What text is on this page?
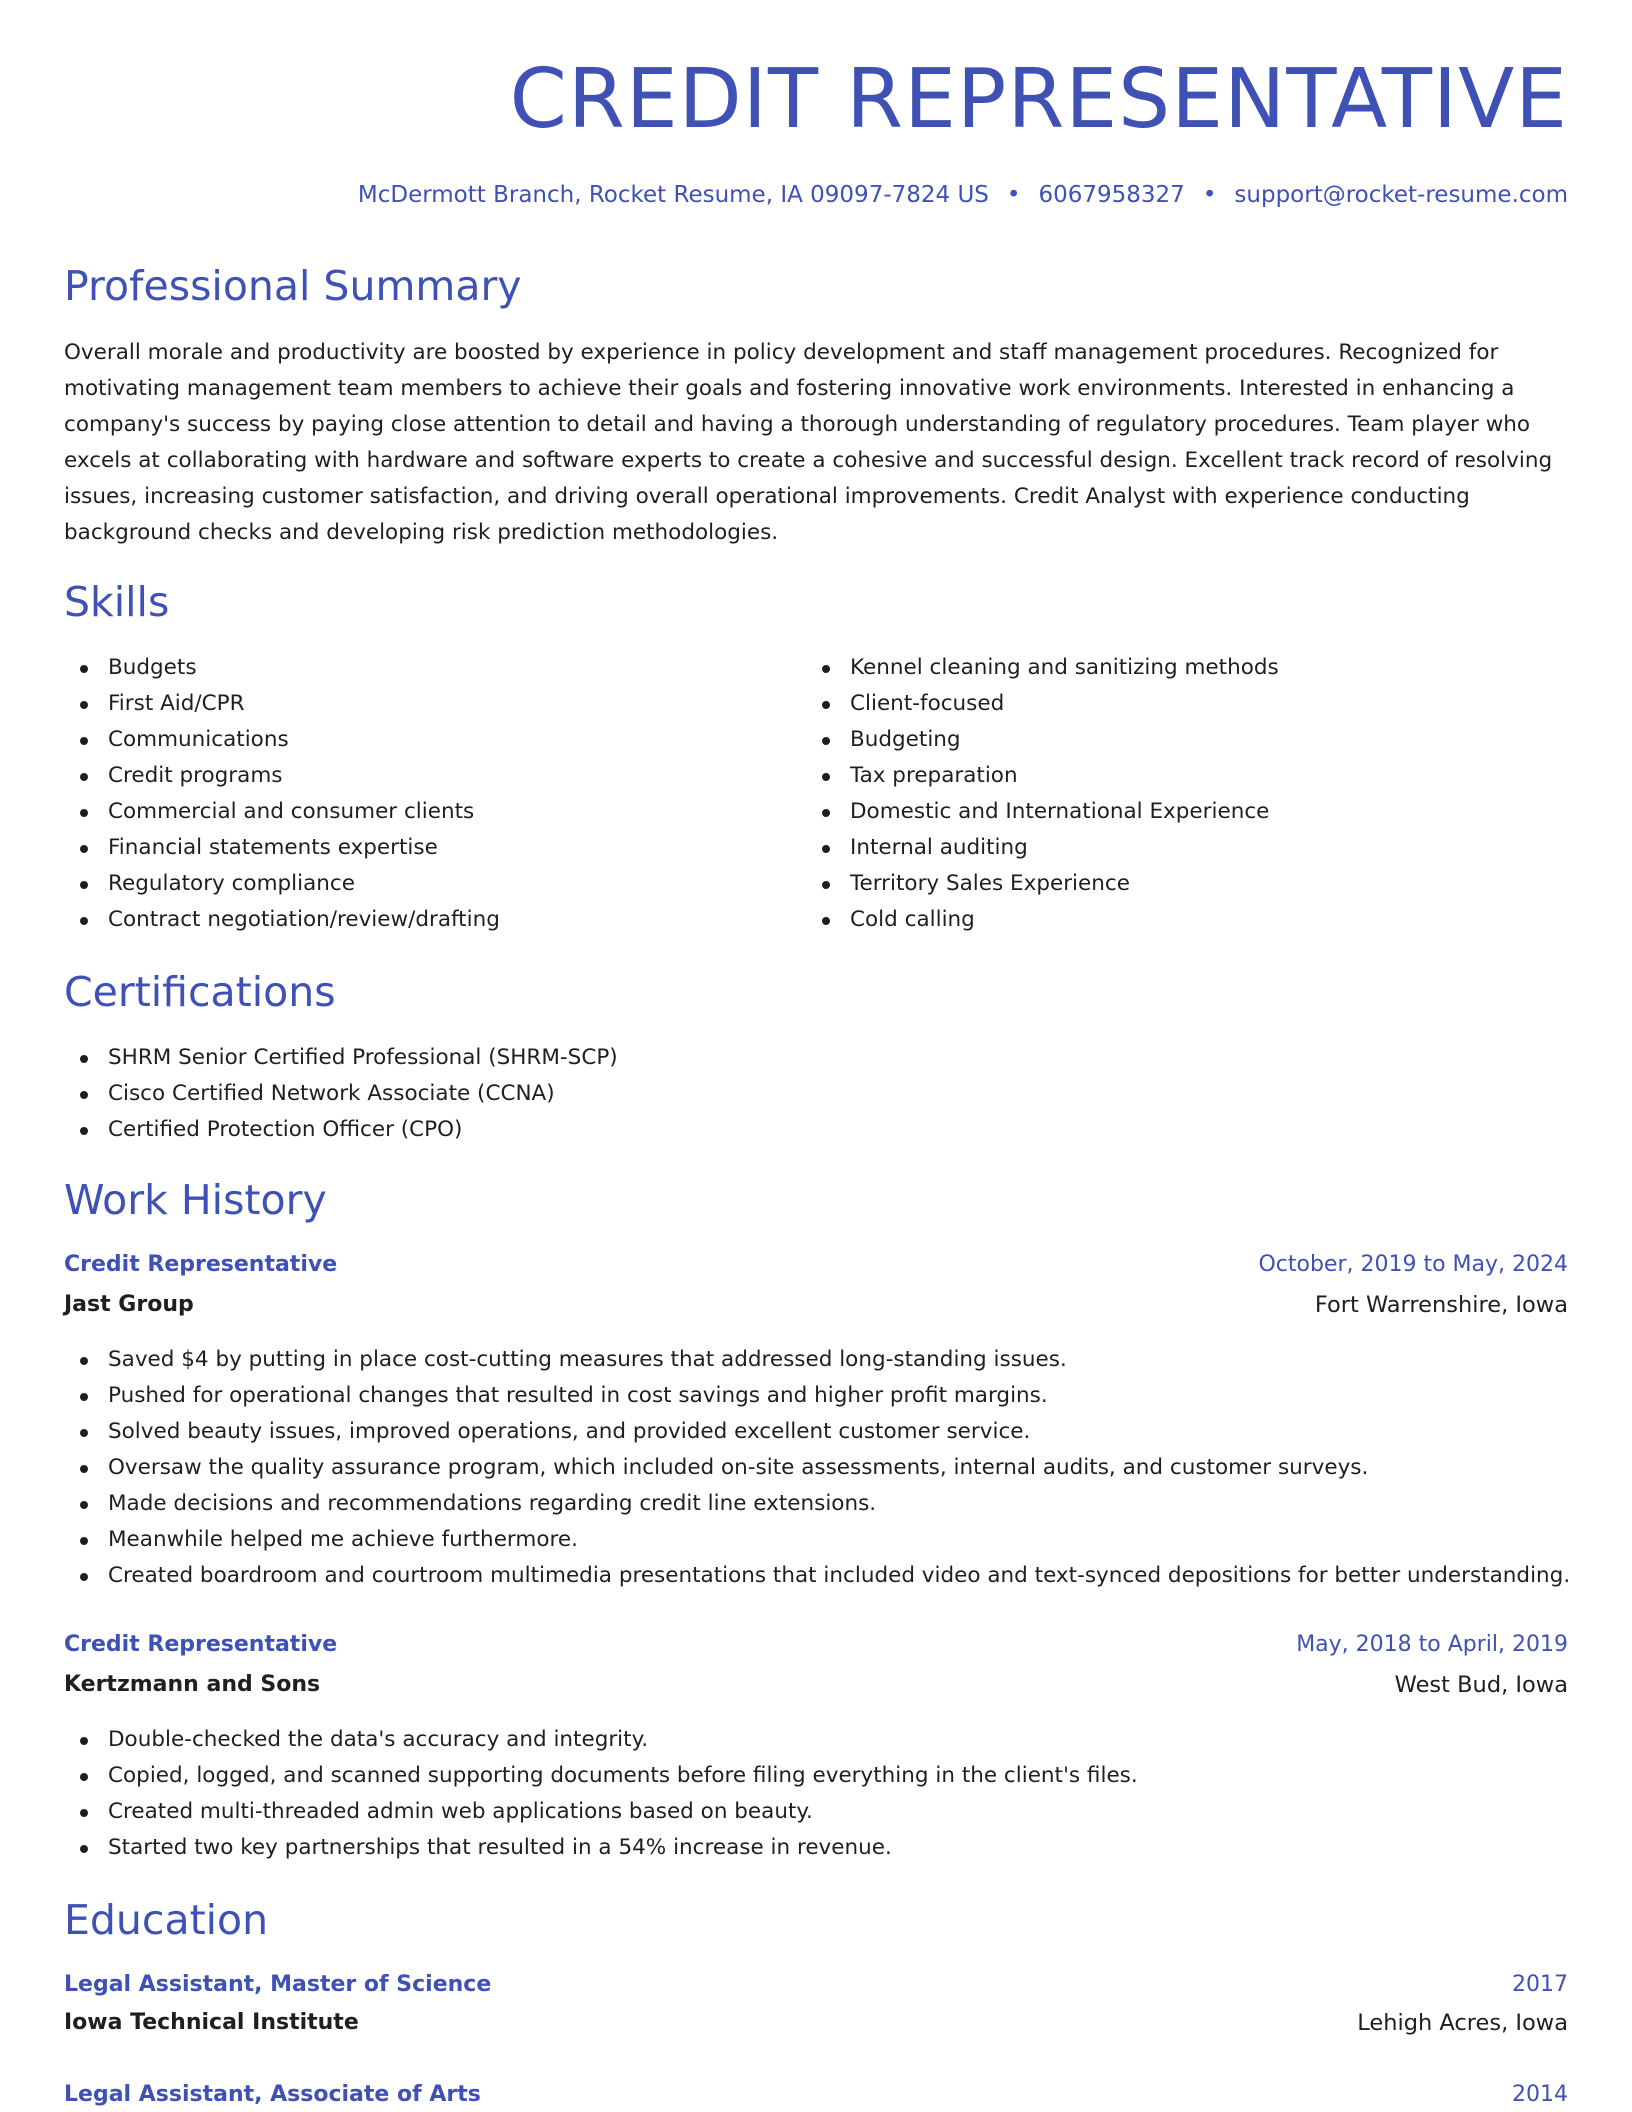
CREDIT REPRESENTATIVE
McDermott Branch, Rocket Resume, IA 09097-7824 US • 6067958327 • support@rocket-resume.com
Professional Summary

Overall morale and productivity are boosted by experience in policy development and staff management procedures. Recognized for motivating management team members to achieve their goals and fostering innovative work environments. Interested in enhancing a company's success by paying close attention to detail and having a thorough understanding of regulatory procedures. Team player who excels at collaborating with hardware and software experts to create a cohesive and successful design. Excellent track record of resolving issues, increasing customer satisfaction, and driving overall operational improvements. Credit Analyst with experience conducting background checks and developing risk prediction methodologies.

Skills
Budgets
First Aid/CPR
Communications
Credit programs
Commercial and consumer clients
Financial statements expertise
Regulatory compliance
Contract negotiation/review/drafting
Kennel cleaning and sanitizing methods
Client-focused
Budgeting
Tax preparation
Domestic and International Experience
Internal auditing
Territory Sales Experience
Cold calling
Certifications
SHRM Senior Certified Professional (SHRM-SCP)
Cisco Certified Network Associate (CCNA)
Certified Protection Officer (CPO)
Work History
Credit Representative	October, 2019 to May, 2024
Jast Group	Fort Warrenshire, Iowa
Saved $4 by putting in place cost-cutting measures that addressed long-standing issues.
Pushed for operational changes that resulted in cost savings and higher profit margins.
Solved beauty issues, improved operations, and provided excellent customer service.
Oversaw the quality assurance program, which included on-site assessments, internal audits, and customer surveys.
Made decisions and recommendations regarding credit line extensions.
Meanwhile helped me achieve furthermore.
Created boardroom and courtroom multimedia presentations that included video and text-synced depositions for better understanding.
Credit Representative	May, 2018 to April, 2019
Kertzmann and Sons	West Bud, Iowa
Double-checked the data's accuracy and integrity.
Copied, logged, and scanned supporting documents before filing everything in the client's files.
Created multi-threaded admin web applications based on beauty.
Started two key partnerships that resulted in a 54% increase in revenue.
Education
Legal Assistant, Master of Science	2017
Iowa Technical Institute	Lehigh Acres, Iowa
Legal Assistant, Associate of Arts	2014
